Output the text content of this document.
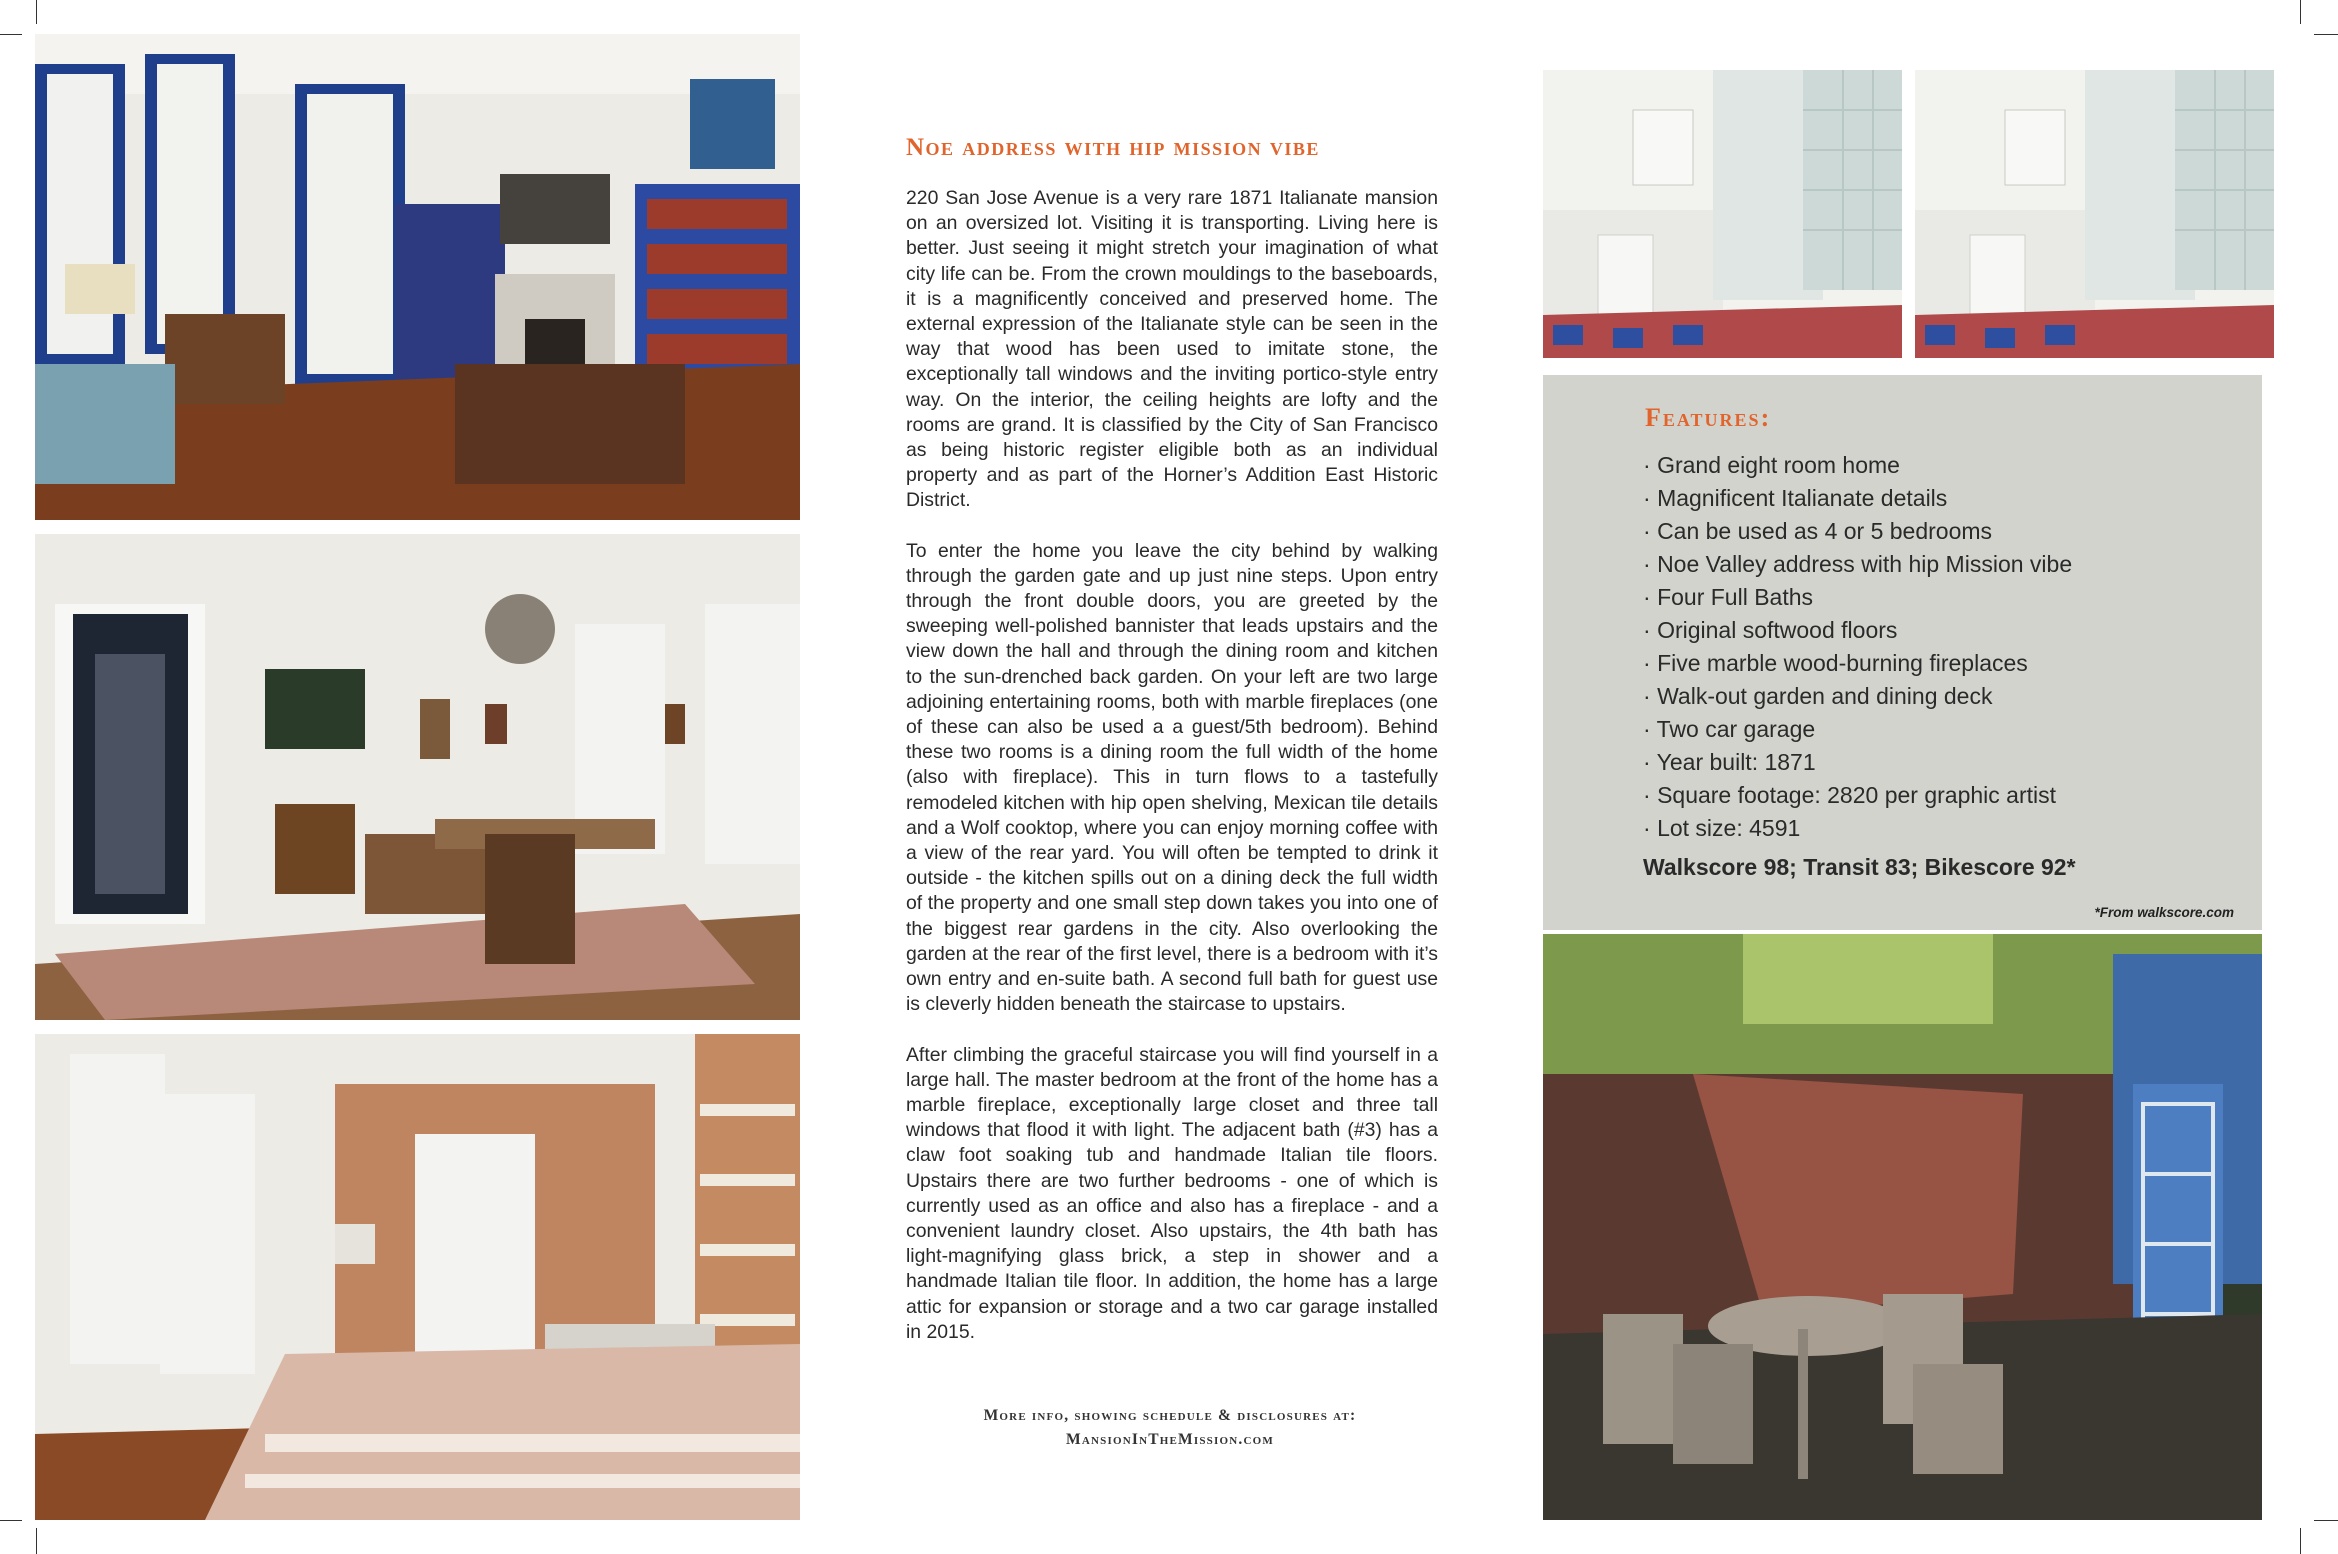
Noe address with hip mission vibe

220 San Jose Avenue is a very rare 1871 Italianate mansion on an oversized lot. Visiting it is transporting. Living here is better. Just seeing it might stretch your imagination of what city life can be. From the crown mouldings to the baseboards, it is a magnificently conceived and preserved home. The external expression of the Italianate style can be seen in the way that wood has been used to imitate stone, the exceptionally tall windows and the inviting portico-style entry way. On the interior, the ceiling heights are lofty and the rooms are grand. It is classified by the City of San Francisco as being historic register eligible both as an individual property and as part of the Horner’s Addition East Historic District.

To enter the home you leave the city behind by walking through the garden gate and up just nine steps. Upon entry through the front double doors, you are greeted by the sweeping well-polished bannister that leads upstairs and the view down the hall and through the dining room and kitchen to the sun-drenched back garden. On your left are two large adjoining entertaining rooms, both with marble fireplaces (one of these can also be used a a guest/5th bedroom). Behind these two rooms is a dining room the full width of the home (also with fireplace). This in turn flows to a tastefully remodeled kitchen with hip open shelving, Mexican tile details and a Wolf cooktop, where you can enjoy morning coffee with a view of the rear yard. You will often be tempted to drink it outside - the kitchen spills out on a dining deck the full width of the property and one small step down takes you into one of the biggest rear gardens in the city. Also overlooking the garden at the rear of the first level, there is a bedroom with it’s own entry and en-suite bath. A second full bath for guest use is cleverly hidden beneath the staircase to upstairs.

After climbing the graceful staircase you will find yourself in a large hall. The master bedroom at the front of the home has a marble fireplace, exceptionally large closet and three tall windows that flood it with light. The adjacent bath (#3) has a claw foot soaking tub and handmade Italian tile floors. Upstairs there are two further bedrooms - one of which is currently used as an office and also has a fireplace - and a convenient laundry closet. Also upstairs, the 4th bath has light-magnifying glass brick, a step in shower and a handmade Italian tile floor. In addition, the home has a large attic for expansion or storage and a two car garage installed in 2015.

More info, showing schedule & disclosures at:
MansionInTheMission.com
Features:
· Grand eight room home
· Magnificent Italianate details
· Can be used as 4 or 5 bedrooms
· Noe Valley address with hip Mission vibe
· Four Full Baths
· Original softwood floors
· Five marble wood-burning fireplaces
· Walk-out garden and dining deck
· Two car garage
· Year built: 1871
· Square footage: 2820 per graphic artist
· Lot size: 4591
Walkscore 98; Transit 83; Bikescore 92*
*From walkscore.com
